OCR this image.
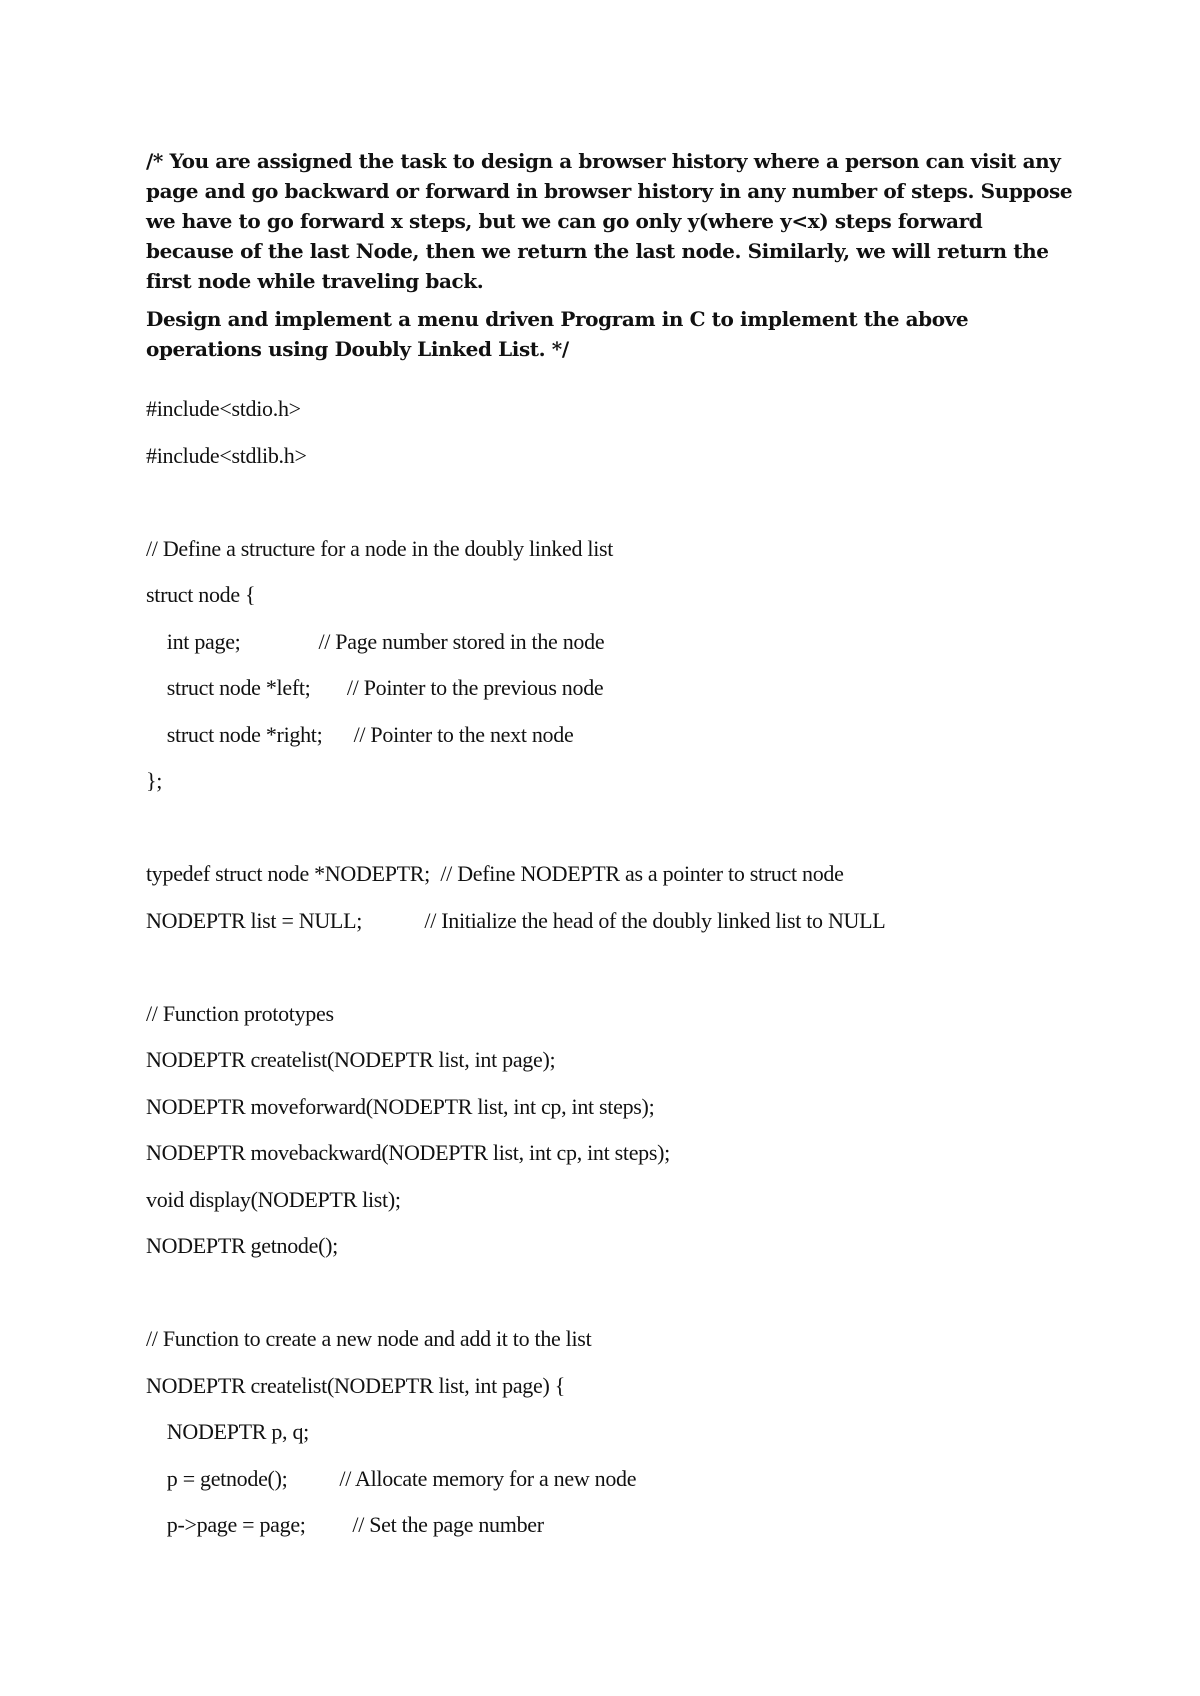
/* You are assigned the task to design a browser history where a person can visit any page and go backward or forward in browser history in any number of steps. Suppose we have to go forward x steps, but we can go only y(where y<x) steps forward because of the last Node, then we return the last node. Similarly, we will return the first node while traveling back.

Design and implement a menu driven Program in C to implement the above operations using Doubly Linked List. */

#include<stdio.h>
#include<stdlib.h>
// Define a structure for a node in the doubly linked list
struct node {
int page;               // Page number stored in the node
struct node *left;       // Pointer to the previous node
struct node *right;      // Pointer to the next node
};
typedef struct node *NODEPTR;  // Define NODEPTR as a pointer to struct node
NODEPTR list = NULL;            // Initialize the head of the doubly linked list to NULL
// Function prototypes
NODEPTR createlist(NODEPTR list, int page);
NODEPTR moveforward(NODEPTR list, int cp, int steps);
NODEPTR movebackward(NODEPTR list, int cp, int steps);
void display(NODEPTR list);
NODEPTR getnode();
// Function to create a new node and add it to the list
NODEPTR createlist(NODEPTR list, int page) {
NODEPTR p, q;
p = getnode();          // Allocate memory for a new node
p->page = page;         // Set the page number
